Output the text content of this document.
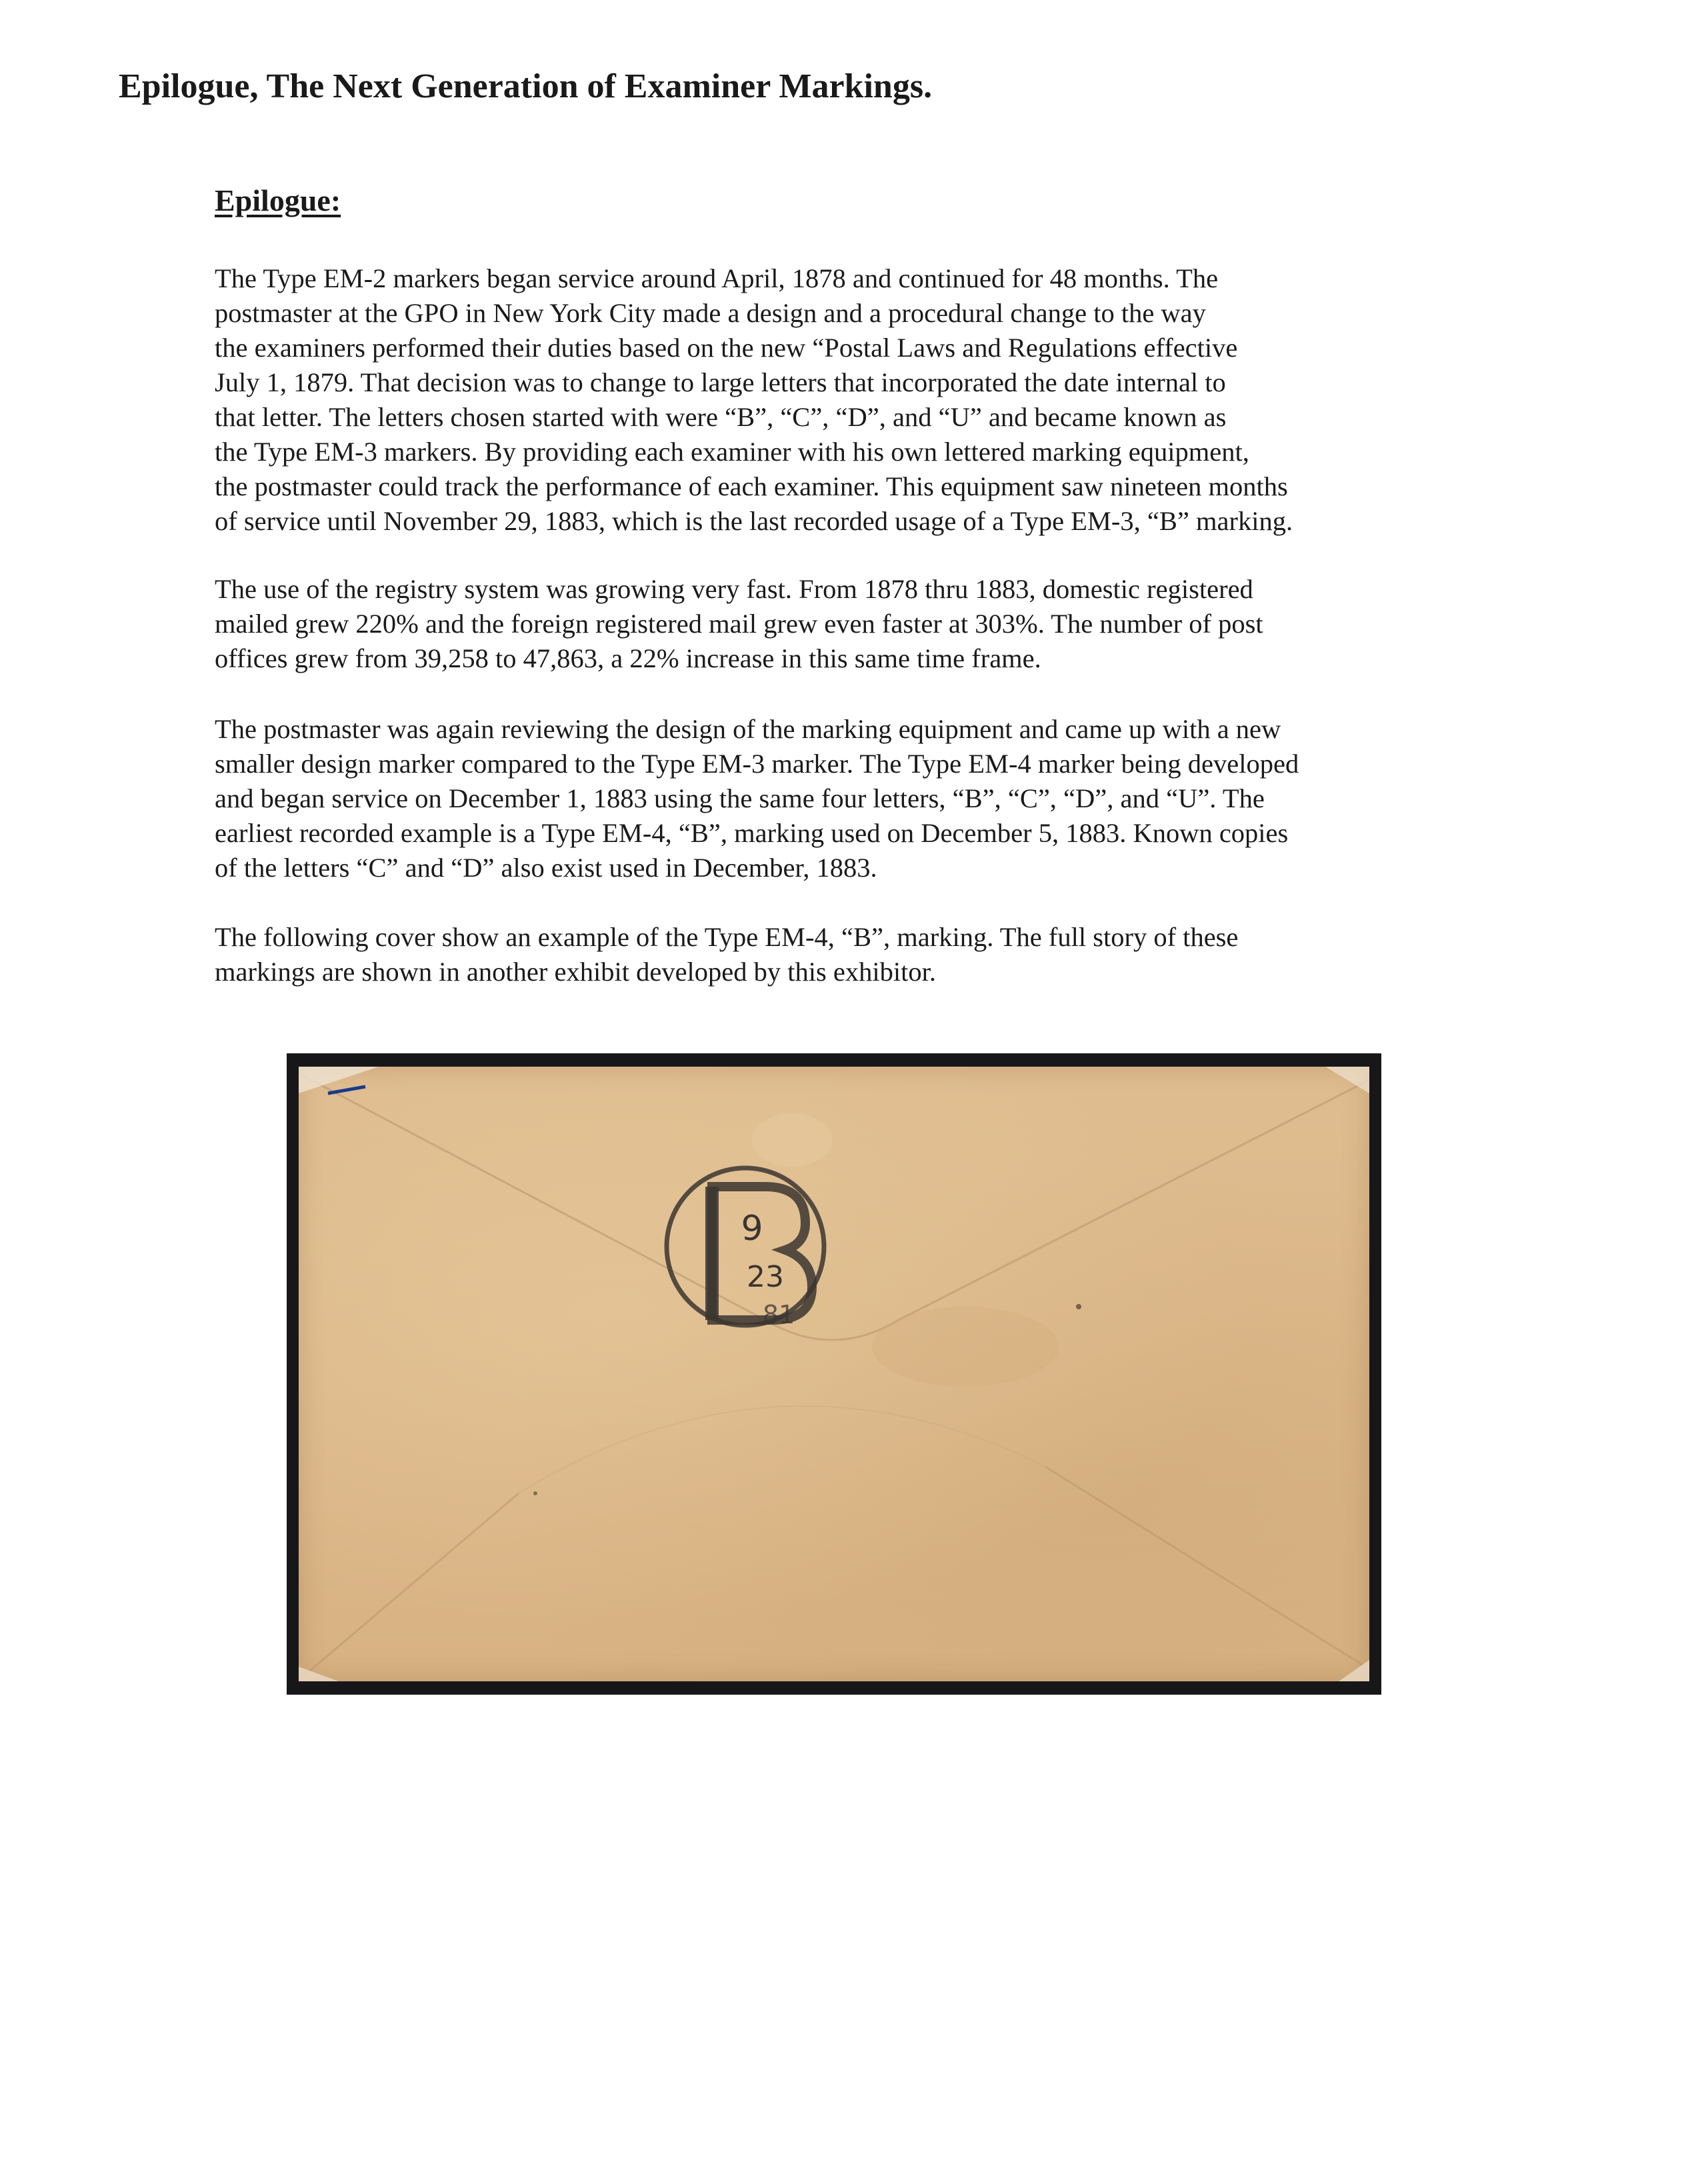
Epilogue, The Next Generation of Examiner Markings.
Epilogue:

The Type EM-2 markers began service around April, 1878 and continued for 48 months. The
postmaster at the GPO in New York City made a design and a procedural change to the way
the examiners performed their duties based on the new “Postal Laws and Regulations effective
July 1, 1879. That decision was to change to large letters that incorporated the date internal to
that letter. The letters chosen started with were “B”, “C”, “D”, and “U” and became known as
the Type EM-3 markers. By providing each examiner with his own lettered marking equipment,
the postmaster could track the performance of each examiner. This equipment saw nineteen months
of service until November 29, 1883, which is the last recorded usage of a Type EM-3, “B” marking.

The use of the registry system was growing very fast. From 1878 thru 1883, domestic registered
mailed grew 220% and the foreign registered mail grew even faster at 303%. The number of post
offices grew from 39,258 to 47,863, a 22% increase in this same time frame.

The postmaster was again reviewing the design of the marking equipment and came up with a new
smaller design marker compared to the Type EM-3 marker. The Type EM-4 marker being developed
and began service on December 1, 1883 using the same four letters, “B”, “C”, “D”, and “U”. The
earliest recorded example is a Type EM-4, “B”, marking used on December 5, 1883. Known copies
of the letters “C” and “D” also exist used in December, 1883.

The following cover show an example of the Type EM-4, “B”, marking. The full story of these
markings are shown in another exhibit developed by this exhibitor.

9
23
81
